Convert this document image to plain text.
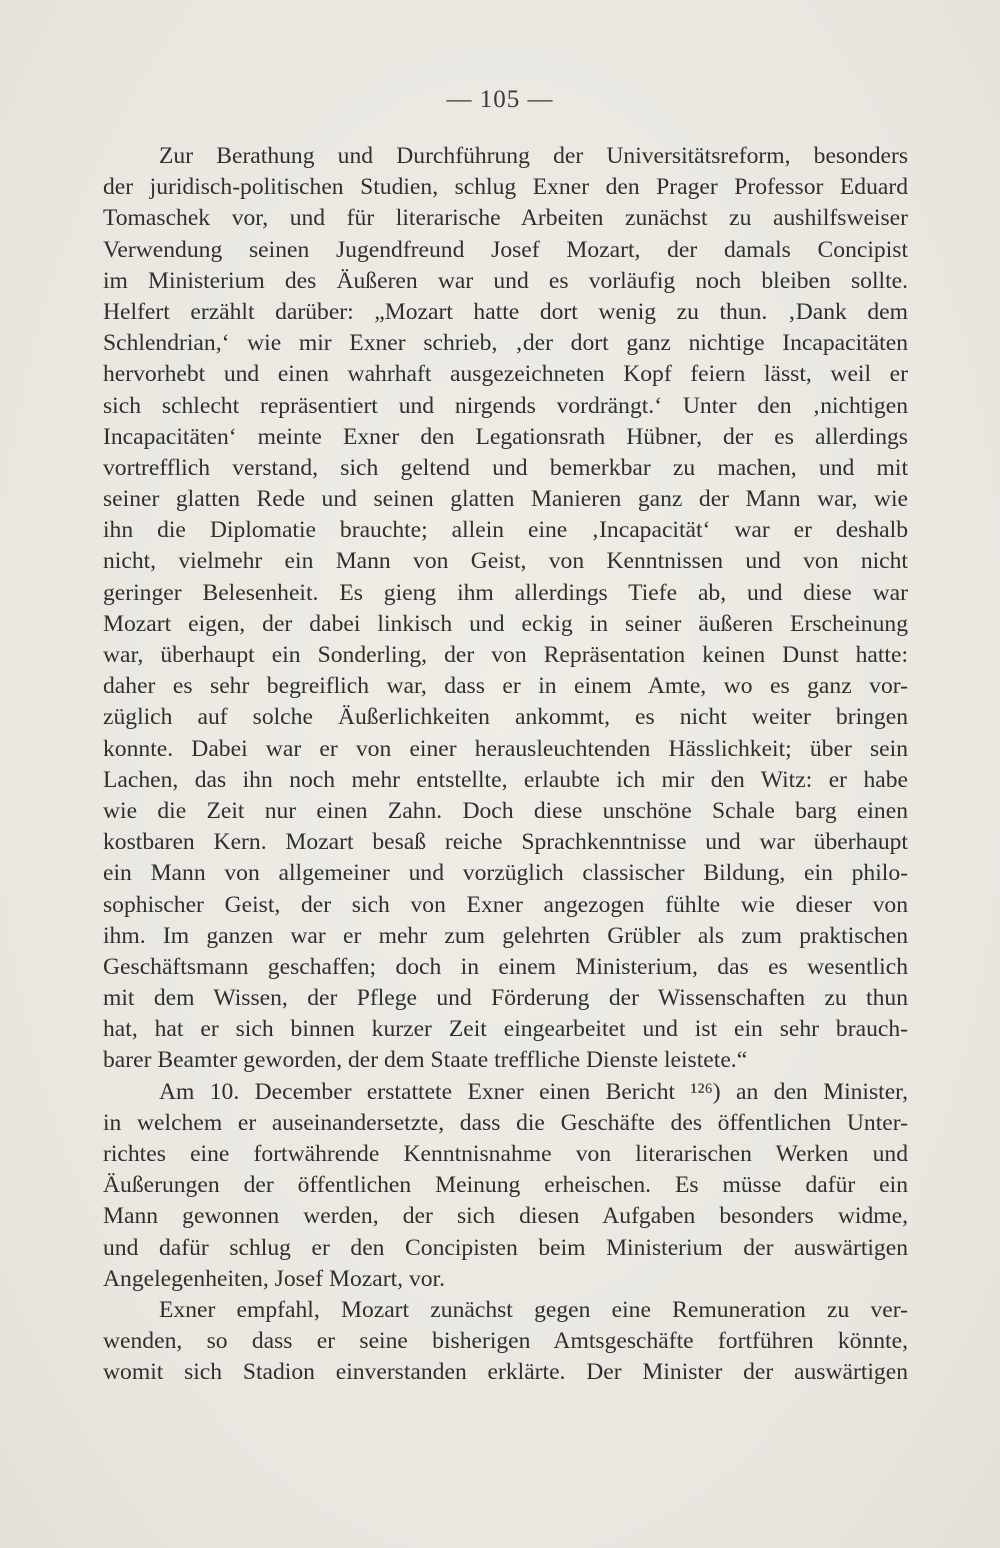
— 105 —
Zur Berathung und Durchführung der Universitätsreform, besonders
der juridisch-politischen Studien, schlug Exner den Prager Professor Eduard
Tomaschek vor, und für literarische Arbeiten zunächst zu aushilfsweiser
Verwendung seinen Jugendfreund Josef Mozart, der damals Concipist
im Ministerium des Äußeren war und es vorläufig noch bleiben sollte.
Helfert erzählt darüber: „Mozart hatte dort wenig zu thun. ‚Dank dem
Schlendrian,‘ wie mir Exner schrieb, ‚der dort ganz nichtige Incapacitäten
hervorhebt und einen wahrhaft ausgezeichneten Kopf feiern lässt, weil er
sich schlecht repräsentiert und nirgends vordrängt.‘ Unter den ‚nichtigen
Incapacitäten‘ meinte Exner den Legationsrath Hübner, der es allerdings
vortrefflich verstand, sich geltend und bemerkbar zu machen, und mit
seiner glatten Rede und seinen glatten Manieren ganz der Mann war, wie
ihn die Diplomatie brauchte; allein eine ‚Incapacität‘ war er deshalb
nicht, vielmehr ein Mann von Geist, von Kenntnissen und von nicht
geringer Belesenheit. Es gieng ihm allerdings Tiefe ab, und diese war
Mozart eigen, der dabei linkisch und eckig in seiner äußeren Erscheinung
war, überhaupt ein Sonderling, der von Repräsentation keinen Dunst hatte:
daher es sehr begreiflich war, dass er in einem Amte, wo es ganz vor-
züglich auf solche Äußerlichkeiten ankommt, es nicht weiter bringen
konnte. Dabei war er von einer herausleuchtenden Hässlichkeit; über sein
Lachen, das ihn noch mehr entstellte, erlaubte ich mir den Witz: er habe
wie die Zeit nur einen Zahn. Doch diese unschöne Schale barg einen
kostbaren Kern. Mozart besaß reiche Sprachkenntnisse und war überhaupt
ein Mann von allgemeiner und vorzüglich classischer Bildung, ein philo-
sophischer Geist, der sich von Exner angezogen fühlte wie dieser von
ihm. Im ganzen war er mehr zum gelehrten Grübler als zum praktischen
Geschäftsmann geschaffen; doch in einem Ministerium, das es wesentlich
mit dem Wissen, der Pflege und Förderung der Wissenschaften zu thun
hat, hat er sich binnen kurzer Zeit eingearbeitet und ist ein sehr brauch-
barer Beamter geworden, der dem Staate treffliche Dienste leistete.“
Am 10. December erstattete Exner einen Bericht ¹²⁶) an den Minister,
in welchem er auseinandersetzte, dass die Geschäfte des öffentlichen Unter-
richtes eine fortwährende Kenntnisnahme von literarischen Werken und
Äußerungen der öffentlichen Meinung erheischen. Es müsse dafür ein
Mann gewonnen werden, der sich diesen Aufgaben besonders widme,
und dafür schlug er den Concipisten beim Ministerium der auswärtigen
Angelegenheiten, Josef Mozart, vor.
Exner empfahl, Mozart zunächst gegen eine Remuneration zu ver-
wenden, so dass er seine bisherigen Amtsgeschäfte fortführen könnte,
womit sich Stadion einverstanden erklärte. Der Minister der auswärtigen
